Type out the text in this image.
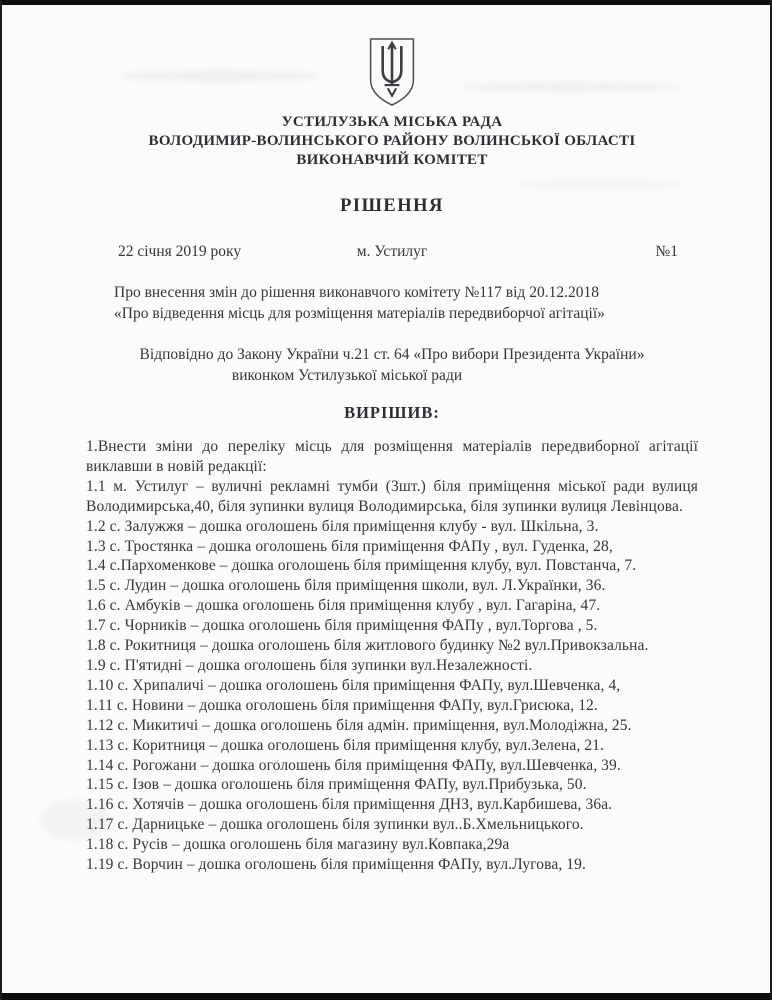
УСТИЛУЗЬКА МІСЬКА РАДА
ВОЛОДИМИР-ВОЛИНСЬКОГО РАЙОНУ ВОЛИНСЬКОЇ ОБЛАСТІ
ВИКОНАВЧИЙ КОМІТЕТ
РІШЕННЯ
22 січня 2019 року	м. Устилуг	№1
Про внесення змін до рішення виконавчого комітету №117 від 20.12.2018
«Про відведення місць для розміщення матеріалів передвиборчої агітації»
Відповідно до Закону України ч.21 ст. 64 «Про вибори Президента України»
виконком Устилузької міської ради
ВИРІШИВ:

1.Внести зміни до переліку місць для розміщення матеріалів передвиборної агітації виклавши в новій редакції:

1.1 м. Устилуг – вуличні рекламні тумби (3шт.) біля приміщення міської ради вулиця Володимирська,40, біля зупинки вулиця Володимирська, біля зупинки вулиця Левінцова.

1.2 с. Залужжя – дошка оголошень біля приміщення клубу - вул. Шкільна, 3.

1.3 с. Тростянка – дошка оголошень біля приміщення ФАПу , вул. Гуденка, 28,

1.4 с.Пархоменкове – дошка оголошень біля приміщення клубу, вул. Повстанча, 7.

1.5 с. Лудин – дошка оголошень біля приміщення школи, вул. Л.Українки, 36.

1.6 с. Амбуків – дошка оголошень біля приміщення клубу , вул. Гагаріна, 47.

1.7 с. Чорників – дошка оголошень біля приміщення ФАПу , вул.Торгова , 5.

1.8 с. Рокитниця – дошка оголошень біля житлового будинку №2 вул.Привокзальна.

1.9 с. П'ятидні – дошка оголошень біля зупинки вул.Незалежності.

1.10 с. Хрипаличі – дошка оголошень біля приміщення ФАПу, вул.Шевченка, 4,

1.11 с. Новини – дошка оголошень біля приміщення ФАПу, вул.Грисюка, 12.

1.12 с. Микитичі – дошка оголошень біля адмін. приміщення, вул.Молодіжна, 25.

1.13 с. Коритниця – дошка оголошень біля приміщення клубу, вул.Зелена, 21.

1.14 с. Рогожани – дошка оголошень біля приміщення ФАПу, вул.Шевченка, 39.

1.15 с. Ізов – дошка оголошень біля приміщення ФАПу, вул.Прибузька, 50.

1.16 с. Хотячів – дошка оголошень біля приміщення ДНЗ, вул.Карбишева, 36а.

1.17 с. Дарницьке – дошка оголошень біля зупинки вул..Б.Хмельницького.

1.18 с. Русів – дошка оголошень біля магазину вул.Ковпака,29а

1.19 с. Ворчин – дошка оголошень біля приміщення ФАПу, вул.Лугова, 19.
